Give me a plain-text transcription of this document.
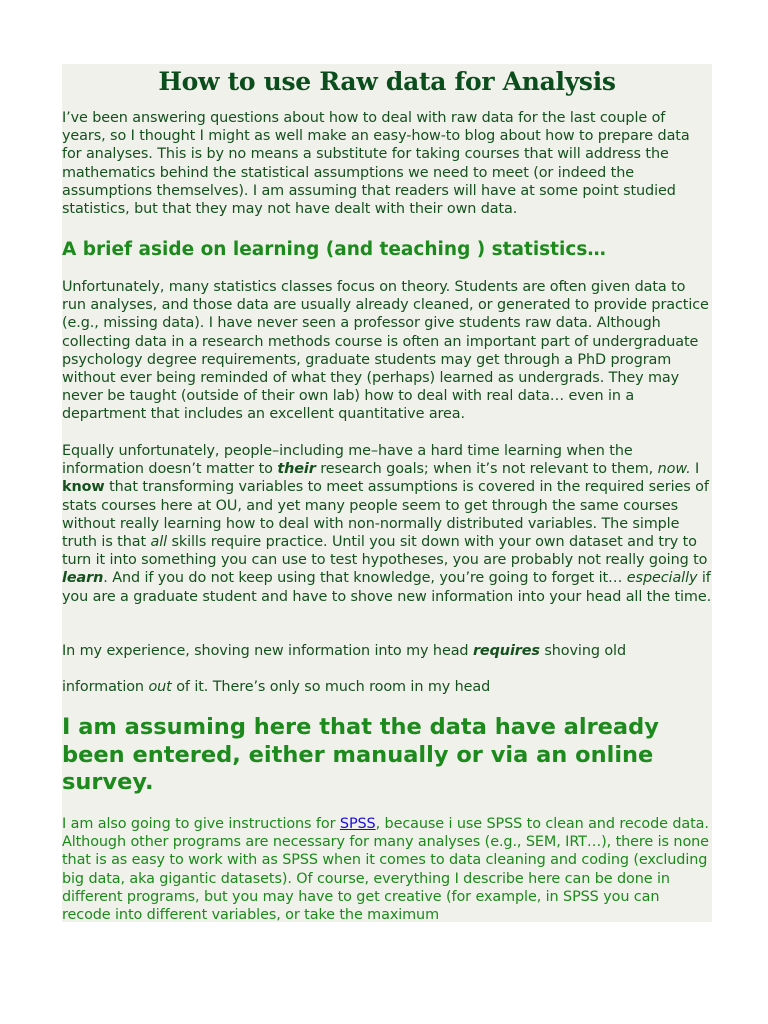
How to use Raw data for Analysis

I’ve been answering questions about how to deal with raw data for the last couple of years, so I thought I might as well make an easy-how-to blog about how to prepare data for analyses. This is by no means a substitute for taking courses that will address the mathematics behind the statistical assumptions we need to meet (or indeed the assumptions themselves). I am assuming that readers will have at some point studied statistics, but that they may not have dealt with their own data.

A brief aside on learning (and teaching ) statistics…

Unfortunately, many statistics classes focus on theory. Students are often given data to run analyses, and those data are usually already cleaned, or generated to provide practice (e.g., missing data). I have never seen a professor give students raw data. Although collecting data in a research methods course is often an important part of undergraduate psychology degree requirements, graduate students may get through a PhD program without ever being reminded of what they (perhaps) learned as undergrads. They may never be taught (outside of their own lab) how to deal with real data… even in a department that includes an excellent quantitative area.

Equally unfortunately, people–including me–have a hard time learning when the information doesn’t matter to their research goals; when it’s not relevant to them, now. I know that transforming variables to meet assumptions is covered in the required series of stats courses here at OU, and yet many people seem to get through the same courses without really learning how to deal with non-normally distributed variables. The simple truth is that all skills require practice. Until you sit down with your own dataset and try to turn it into something you can use to test hypotheses, you are probably not really going to learn. And if you do not keep using that knowledge, you’re going to forget it… especially if you are a graduate student and have to shove new information into your head all the time.

In my experience, shoving new information into my head requires shoving old

information out of it. There’s only so much room in my head

I am assuming here that the data have already been entered, either manually or via an online survey.

I am also going to give instructions for SPSS, because i use SPSS to clean and recode data. Although other programs are necessary for many analyses (e.g., SEM, IRT…), there is none that is as easy to work with as SPSS when it comes to data cleaning and coding (excluding big data, aka gigantic datasets). Of course, everything I describe here can be done in different programs, but you may have to get creative (for example, in SPSS you can recode into different variables, or take the maximum
